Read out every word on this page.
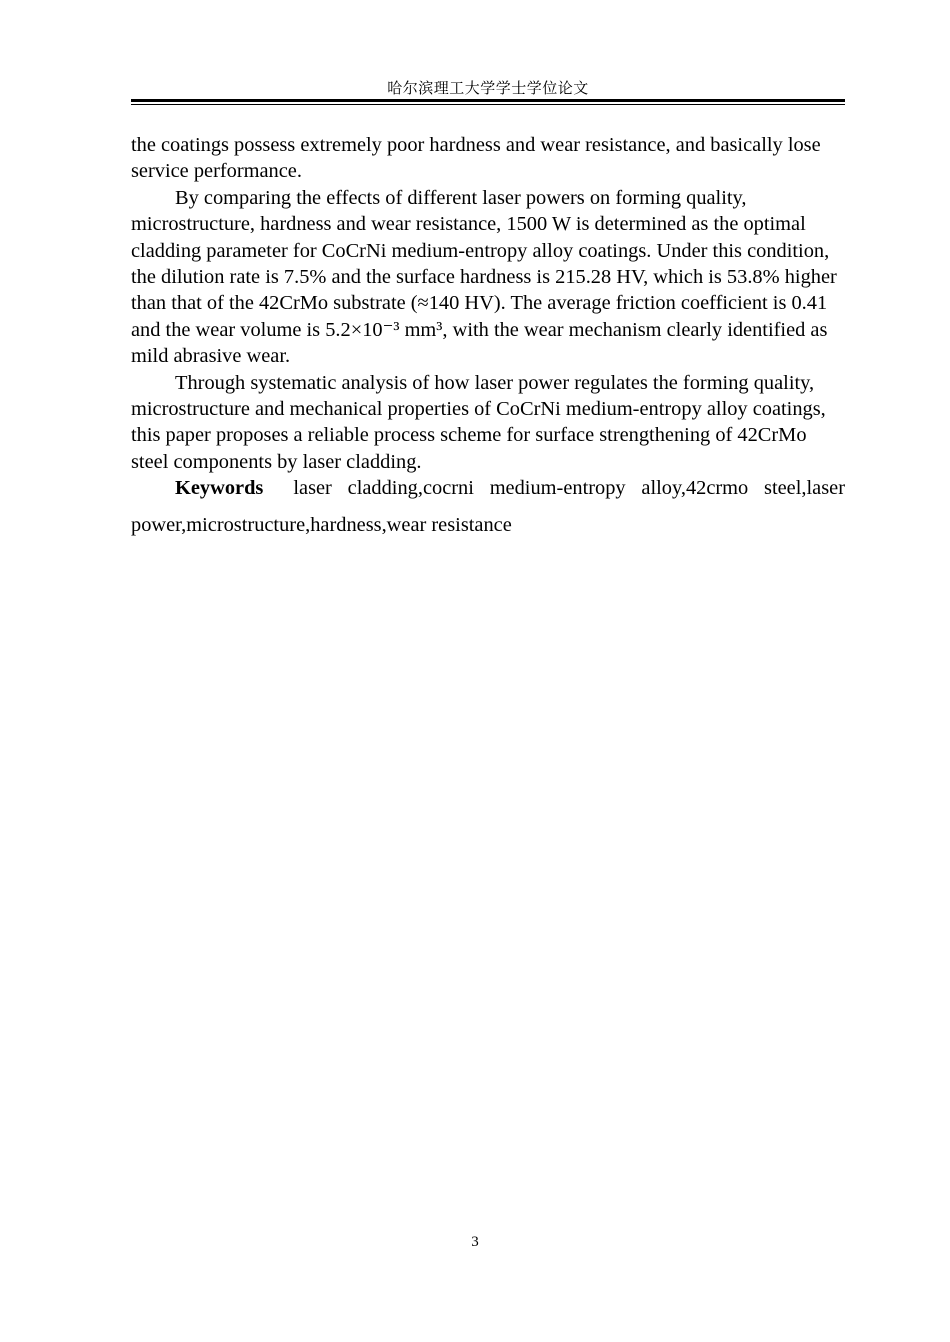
哈尔滨理工大学学士学位论文

the coatings possess extremely poor hardness and wear resistance, and basically lose service performance.

By comparing the effects of different laser powers on forming quality, microstructure, hardness and wear resistance, 1500 W is determined as the optimal cladding parameter for CoCrNi medium-entropy alloy coatings. Under this condition, the dilution rate is 7.5% and the surface hardness is 215.28 HV, which is 53.8% higher than that of the 42CrMo substrate (≈140 HV). The average friction coefficient is 0.41 and the wear volume is 5.2×10⁻³ mm³, with the wear mechanism clearly identified as mild abrasive wear.

Through systematic analysis of how laser power regulates the forming quality, microstructure and mechanical properties of CoCrNi medium-entropy alloy coatings, this paper proposes a reliable process scheme for surface strengthening of 42CrMo steel components by laser cladding.

Keywords laser cladding,cocrni medium-entropy alloy,42crmo steel,laser power,microstructure,hardness,wear resistance

3
